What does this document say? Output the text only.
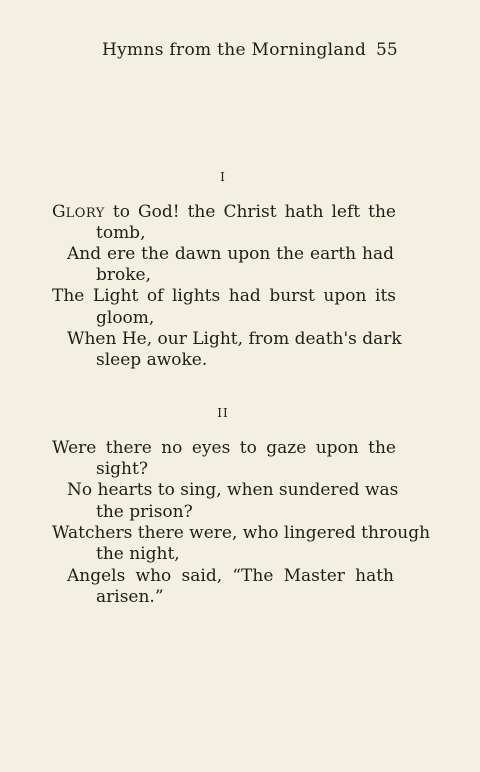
Hymns from the Morningland 55
I
GLORY to God! the Christ hath left the
tomb,
And ere the dawn upon the earth had
broke,
The Light of lights had burst upon its
gloom,
When He, our Light, from death's dark
sleep awoke.
II
Were there no eyes to gaze upon the
sight?
No hearts to sing, when sundered was
the prison?
Watchers there were, who lingered through
the night,
Angels who said, “The Master hath
arisen.”
